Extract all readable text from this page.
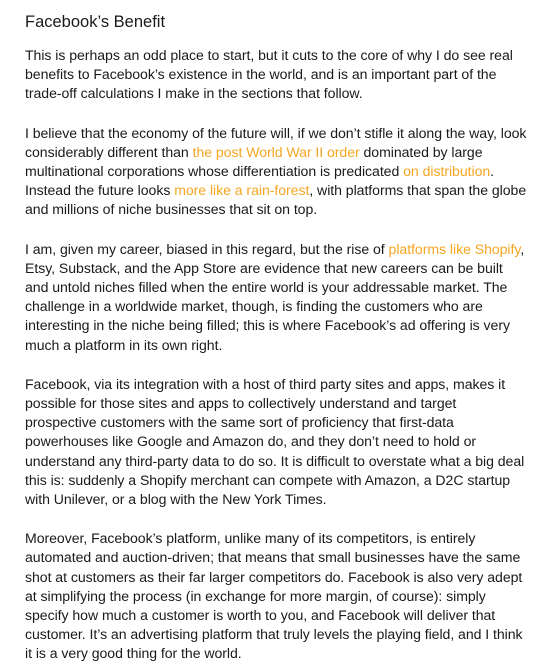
Facebook’s Benefit

This is perhaps an odd place to start, but it cuts to the core of why I do see real benefits to Facebook’s existence in the world, and is an important part of the trade-off calculations I make in the sections that follow.

I believe that the economy of the future will, if we don’t stifle it along the way, look considerably different than the post World War II order dominated by large multinational corporations whose differentiation is predicated on distribution. Instead the future looks more like a rain-forest, with platforms that span the globe and millions of niche businesses that sit on top.

I am, given my career, biased in this regard, but the rise of platforms like Shopify, Etsy, Substack, and the App Store are evidence that new careers can be built and untold niches filled when the entire world is your addressable market. The challenge in a worldwide market, though, is finding the customers who are interesting in the niche being filled; this is where Facebook’s ad offering is very much a platform in its own right.

Facebook, via its integration with a host of third party sites and apps, makes it possible for those sites and apps to collectively understand and target prospective customers with the same sort of proficiency that first-data powerhouses like Google and Amazon do, and they don’t need to hold or understand any third-party data to do so. It is difficult to overstate what a big deal this is: suddenly a Shopify merchant can compete with Amazon, a D2C startup with Unilever, or a blog with the New York Times.

Moreover, Facebook’s platform, unlike many of its competitors, is entirely automated and auction-driven; that means that small businesses have the same shot at customers as their far larger competitors do. Facebook is also very adept at simplifying the process (in exchange for more margin, of course): simply specify how much a customer is worth to you, and Facebook will deliver that customer. It’s an advertising platform that truly levels the playing field, and I think it is a very good thing for the world.
